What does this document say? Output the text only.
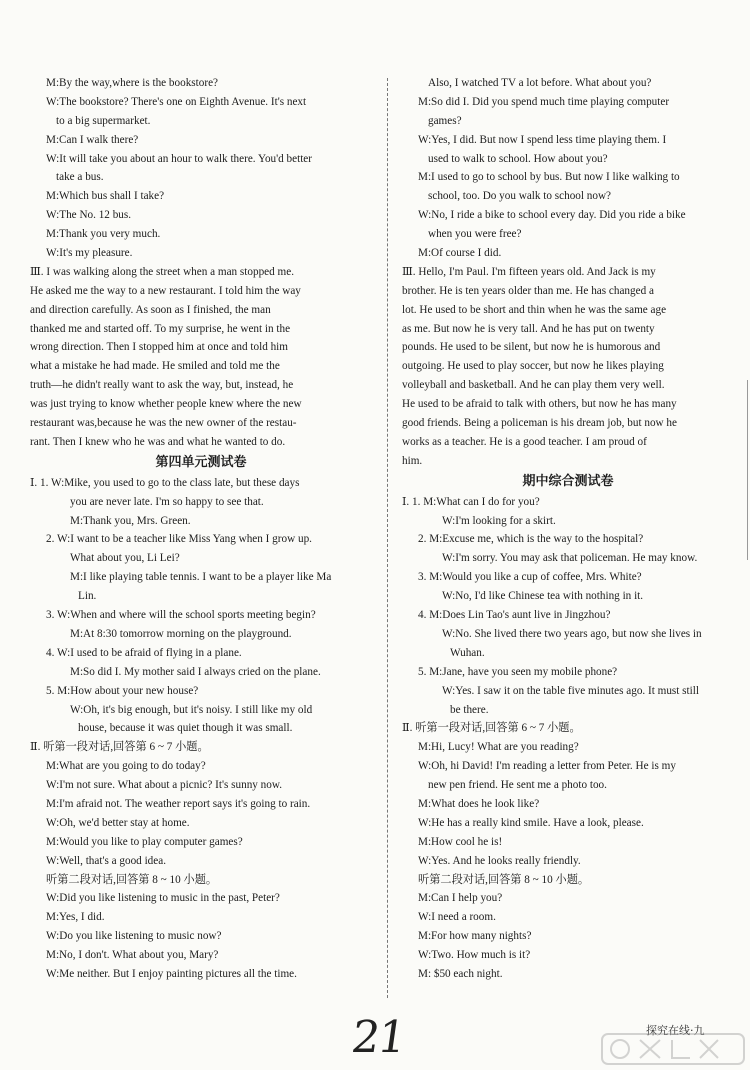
M:By the way,where is the bookstore?
W:The bookstore? There's one on Eighth Avenue. It's next
to a big supermarket.
M:Can I walk there?
W:It will take you about an hour to walk there. You'd better
take a bus.
M:Which bus shall I take?
W:The No. 12 bus.
M:Thank you very much.
W:It's my pleasure.
Ⅲ. I was walking along the street when a man stopped me.
He asked me the way to a new restaurant. I told him the way
and direction carefully. As soon as I finished, the man
thanked me and started off. To my surprise, he went in the
wrong direction. Then I stopped him at once and told him
what a mistake he had made. He smiled and told me the
truth—he didn't really want to ask the way, but, instead, he
was just trying to know whether people knew where the new
restaurant was,because he was the new owner of the restau-
rant. Then I knew who he was and what he wanted to do.
第四单元测试卷
Ⅰ. 1. W:Mike, you used to go to the class late, but these days
you are never late. I'm so happy to see that.
M:Thank you, Mrs. Green.
2. W:I want to be a teacher like Miss Yang when I grow up.
What about you, Li Lei?
M:I like playing table tennis. I want to be a player like Ma
Lin.
3. W:When and where will the school sports meeting begin?
M:At 8:30 tomorrow morning on the playground.
4. W:I used to be afraid of flying in a plane.
M:So did I. My mother said I always cried on the plane.
5. M:How about your new house?
W:Oh, it's big enough, but it's noisy. I still like my old
house, because it was quiet though it was small.
Ⅱ. 听第一段对话,回答第 6 ~ 7 小题。
M:What are you going to do today?
W:I'm not sure. What about a picnic? It's sunny now.
M:I'm afraid not. The weather report says it's going to rain.
W:Oh, we'd better stay at home.
M:Would you like to play computer games?
W:Well, that's a good idea.
听第二段对话,回答第 8 ~ 10 小题。
W:Did you like listening to music in the past, Peter?
M:Yes, I did.
W:Do you like listening to music now?
M:No, I don't. What about you, Mary?
W:Me neither. But I enjoy painting pictures all the time.
Also, I watched TV a lot before. What about you?
M:So did I. Did you spend much time playing computer
games?
W:Yes, I did. But now I spend less time playing them. I
used to walk to school. How about you?
M:I used to go to school by bus. But now I like walking to
school, too. Do you walk to school now?
W:No, I ride a bike to school every day. Did you ride a bike
when you were free?
M:Of course I did.
Ⅲ. Hello, I'm Paul. I'm fifteen years old. And Jack is my
brother. He is ten years older than me. He has changed a
lot. He used to be short and thin when he was the same age
as me. But now he is very tall. And he has put on twenty
pounds. He used to be silent, but now he is humorous and
outgoing. He used to play soccer, but now he likes playing
volleyball and basketball. And he can play them very well.
He used to be afraid to talk with others, but now he has many
good friends. Being a policeman is his dream job, but now he
works as a teacher. He is a good teacher. I am proud of
him.
期中综合测试卷
Ⅰ. 1. M:What can I do for you?
W:I'm looking for a skirt.
2. M:Excuse me, which is the way to the hospital?
W:I'm sorry. You may ask that policeman. He may know.
3. M:Would you like a cup of coffee, Mrs. White?
W:No, I'd like Chinese tea with nothing in it.
4. M:Does Lin Tao's aunt live in Jingzhou?
W:No. She lived there two years ago, but now she lives in
Wuhan.
5. M:Jane, have you seen my mobile phone?
W:Yes. I saw it on the table five minutes ago. It must still
be there.
Ⅱ. 听第一段对话,回答第 6 ~ 7 小题。
M:Hi, Lucy! What are you reading?
W:Oh, hi David! I'm reading a letter from Peter. He is my
new pen friend. He sent me a photo too.
M:What does he look like?
W:He has a really kind smile. Have a look, please.
M:How cool he is!
W:Yes. And he looks really friendly.
听第二段对话,回答第 8 ~ 10 小题。
M:Can I help you?
W:I need a room.
M:For how many nights?
W:Two. How much is it?
M: $50 each night.
21	探究在线·九
